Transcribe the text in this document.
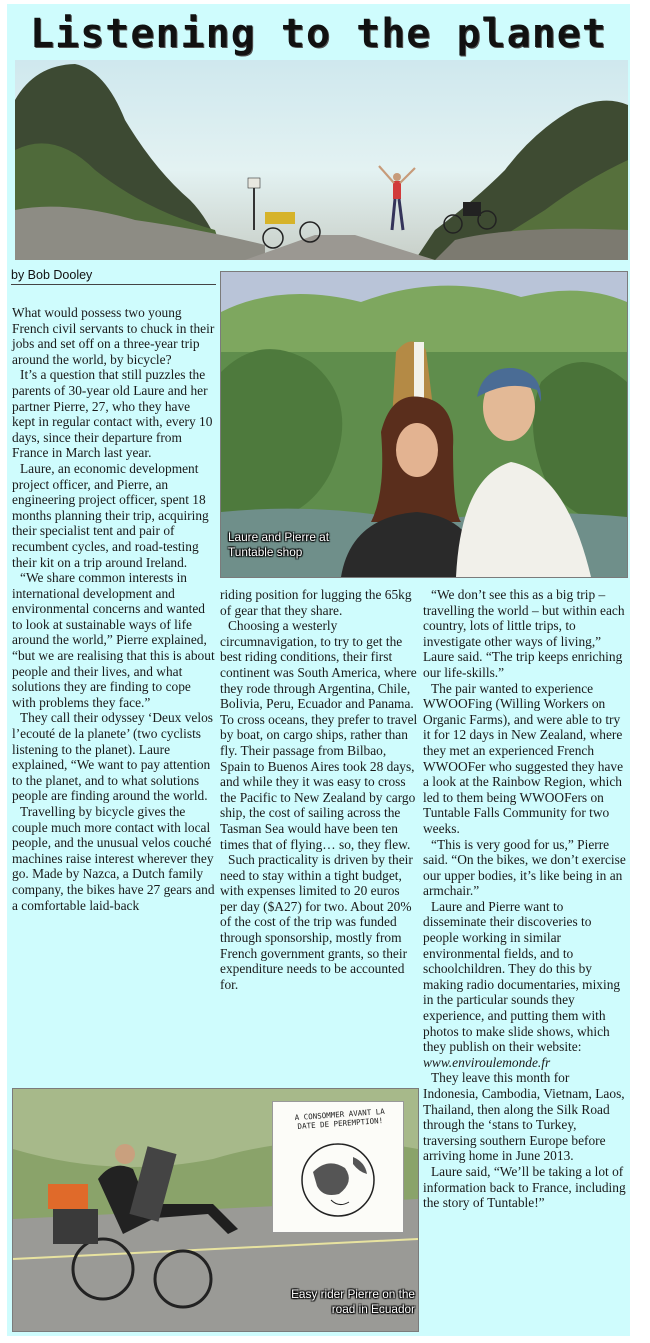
Listening to the planet
by Bob Dooley
Laure and Pierre at Tuntable shop

What would possess two young French civil servants to chuck in their jobs and set off on a three-year trip around the world, by bicycle?

It’s a question that still puzzles the parents of 30-year old Laure and her partner Pierre, 27, who they have kept in regular contact with, every 10 days, since their departure from France in March last year.

Laure, an economic development project officer, and Pierre, an engineering project officer, spent 18 months planning their trip, acquiring their specialist tent and pair of recumbent cycles, and road-testing their kit on a trip around Ireland.

“We share common interests in international development and environmental concerns and wanted to look at sustainable ways of life around the world,” Pierre explained, “but we are realising that this is about people and their lives, and what solutions they are finding to cope with problems they face.”

They call their odyssey ‘Deux velos l’ecouté de la planete’ (two cyclists listening to the planet). Laure explained, “We want to pay attention to the planet, and to what solutions people are finding around the world.

Travelling by bicycle gives the couple much more contact with local people, and the unusual velos couché machines raise interest wherever they go. Made by Nazca, a Dutch family company, the bikes have 27 gears and a comfortable laid-back

riding position for lugging the 65kg of gear that they share.

Choosing a westerly circumnavigation, to try to get the best riding conditions, their first continent was South America, where they rode through Argentina, Chile, Bolivia, Peru, Ecuador and Panama. To cross oceans, they prefer to travel by boat, on cargo ships, rather than fly. Their passage from Bilbao, Spain to Buenos Aires took 28 days, and while they it was easy to cross the Pacific to New Zealand by cargo ship, the cost of sailing across the Tasman Sea would have been ten times that of flying… so, they flew.

Such practicality is driven by their need to stay within a tight budget, with expenses limited to 20 euros per day ($A27) for two. About 20% of the cost of the trip was funded through sponsorship, mostly from French government grants, so their expenditure needs to be accounted for.

“We don’t see this as a big trip – travelling the world – but within each country, lots of little trips, to investigate other ways of living,” Laure said. “The trip keeps enriching our life-skills.”

The pair wanted to experience WWOOFing (Willing Workers on Organic Farms), and were able to try it for 12 days in New Zealand, where they met an experienced French WWOOFer who suggested they have a look at the Rainbow Region, which led to them being WWOOFers on Tuntable Falls Community for two weeks.

“This is very good for us,” Pierre said. “On the bikes, we don’t exercise our upper bodies, it’s like being in an armchair.”

Laure and Pierre want to disseminate their discoveries to people working in similar environmental fields, and to schoolchildren. They do this by making radio documentaries, mixing in the particular sounds they experience, and putting them with photos to make slide shows, which they publish on their website: www.enviroulemonde.fr

They leave this month for Indonesia, Cambodia, Vietnam, Laos, Thailand, then along the Silk Road through the ‘stans to Turkey, traversing southern Europe before arriving home in June 2013.

Laure said, “We’ll be taking a lot of information back to France, including the story of Tuntable!”

A CONSOMMER AVANT LA DATE DE PEREMPTION!
Easy rider Pierre on the road in Ecuador
